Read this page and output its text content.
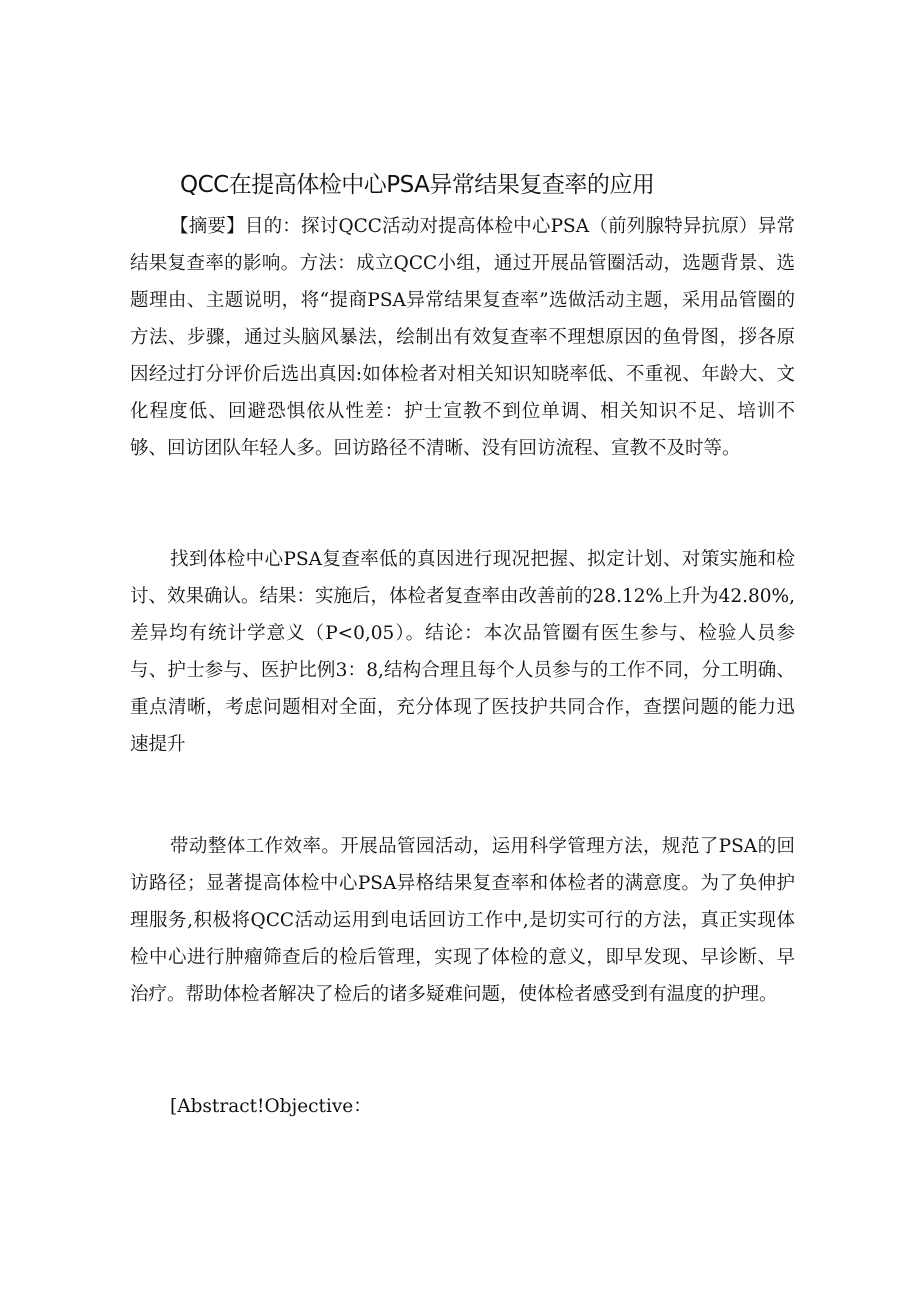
QCC在提高体检中心PSA异常结果复查率的应用

【摘要】目的：探讨QCC活动对提高体检中心PSA（前列腺特异抗原）异常结果复查率的影响。方法：成立QCC小组，通过开展品管圈活动，选题背景、选题理由、主题说明，将“提商PSA异常结果复查率”选做活动主题，采用品管圈的方法、步骤，通过头脑风暴法，绘制出有效复查率不理想原因的鱼骨图，拶各原因经过打分评价后选出真因:如体检者对相关知识知晓率低、不重视、年龄大、文化程度低、回避恐惧依从性差：护士宣教不到位单调、相关知识不足、培训不够、回访团队年轻人多。回访路径不清晰、没有回访流程、宣教不及时等。

找到体检中心PSA复查率低的真因进行现况把握、拟定计划、对策实施和检讨、效果确认。结果：实施后，体检者复查率由改善前的28.12%上升为42.80%,差异均有统计学意义（P<0,05）。结论：本次品管圈有医生参与、检验人员参与、护士参与、医护比例3：8,结构合理且每个人员参与的工作不同，分工明确、重点清晰，考虑问题相对全面，充分体现了医技护共同合作，查摆问题的能力迅速提升

带动整体工作效率。开展品管园活动，运用科学管理方法，规范了PSA的回访路径；显著提高体检中心PSA异格结果复查率和体检者的满意度。为了奂伸护理服务,积极将QCC活动运用到电话回访工作中,是切实可行的方法，真正实现体检中心进行肿瘤筛查后的检后管理，实现了体检的意义，即早发现、早诊断、早治疗。帮助体检者解决了检后的诸多疑难问题，使体检者感受到有温度的护理。

[Abstract!Objective：
